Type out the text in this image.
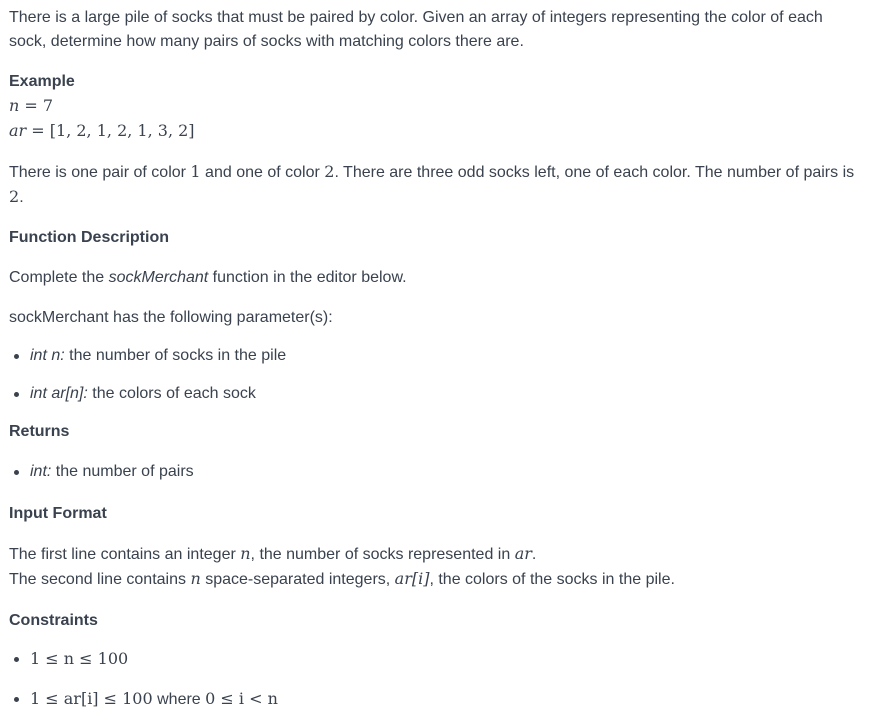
There is a large pile of socks that must be paired by color. Given an array of integers representing the color of each sock, determine how many pairs of socks with matching colors there are.

Example

n = 7
ar = [1, 2, 1, 2, 1, 3, 2]

There is one pair of color 1 and one of color 2. There are three odd socks left, one of each color. The number of pairs is 2.

Function Description

Complete the sockMerchant function in the editor below.

sockMerchant has the following parameter(s):

int n: the number of socks in the pile
int ar[n]: the colors of each sock

Returns

int: the number of pairs

Input Format

The first line contains an integer n, the number of socks represented in ar.
The second line contains n space-separated integers, ar[i], the colors of the socks in the pile.

Constraints

1 ≤ n ≤ 100
1 ≤ ar[i] ≤ 100 where 0 ≤ i < n
